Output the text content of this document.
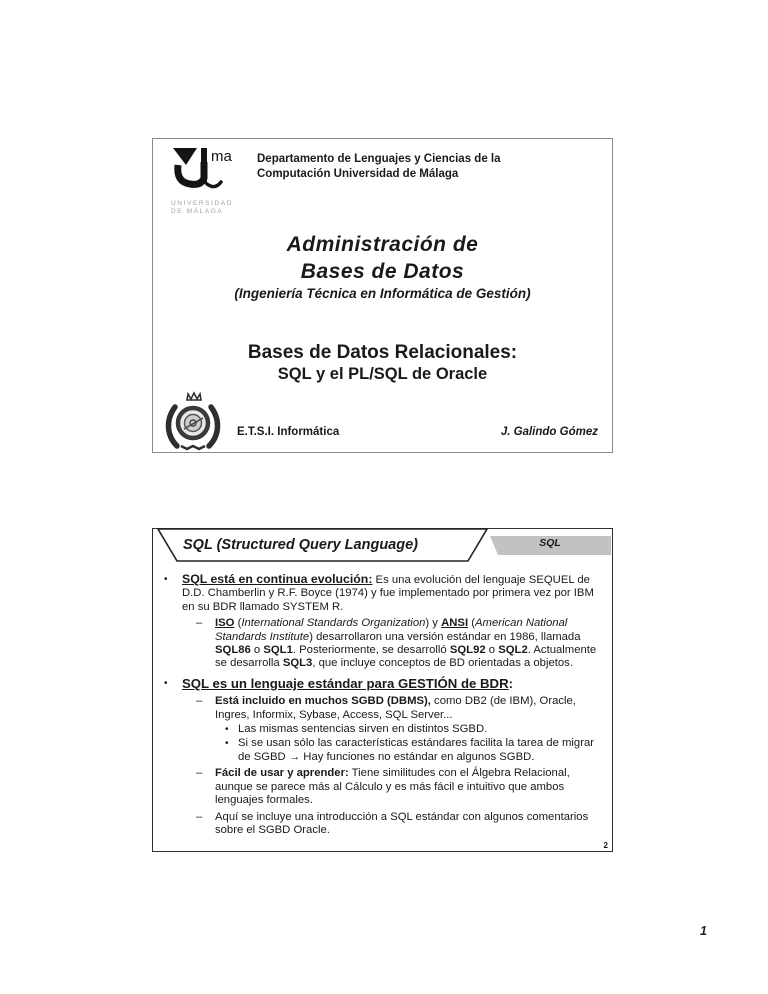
ma
UNIVERSIDAD
DE MÁLAGA
Departamento de Lenguajes y Ciencias de la Computación Universidad de Málaga
Administración de
Bases de Datos
(Ingeniería Técnica en Informática de Gestión)
Bases de Datos Relacionales:
SQL y el PL/SQL de Oracle
E.T.S.I. Informática	J. Galindo Gómez
SQL (Structured Query Language)	SQL
•	SQL está en continua evolución: Es una evolución del lenguaje SEQUEL de D.D. Chamberlin y R.F. Boyce (1974) y fue implementado por primera vez por IBM en su BDR llamado SYSTEM R.
–	ISO (International Standards Organization) y ANSI (American National Standards Institute) desarrollaron una versión estándar en 1986, llamada SQL86 o SQL1. Posteriormente, se desarrolló SQL92 o SQL2. Actualmente se desarrolla SQL3, que incluye conceptos de BD orientadas a objetos.
•	SQL es un lenguaje estándar para GESTIÓN de BDR:
–	Está incluido en muchos SGBD (DBMS), como DB2 (de IBM), Oracle, Ingres, Informix, Sybase, Access, SQL Server...
• Las mismas sentencias sirven en distintos SGBD.
• Si se usan sólo las características estándares facilita la tarea de migrar de SGBD → Hay funciones no estándar en algunos SGBD.
–	Fácil de usar y aprender: Tiene similitudes con el Álgebra Relacional, aunque se parece más al Cálculo y es más fácil e intuitivo que ambos lenguajes formales.
–	Aquí se incluye una introducción a SQL estándar con algunos comentarios sobre el SGBD Oracle.
2
1
